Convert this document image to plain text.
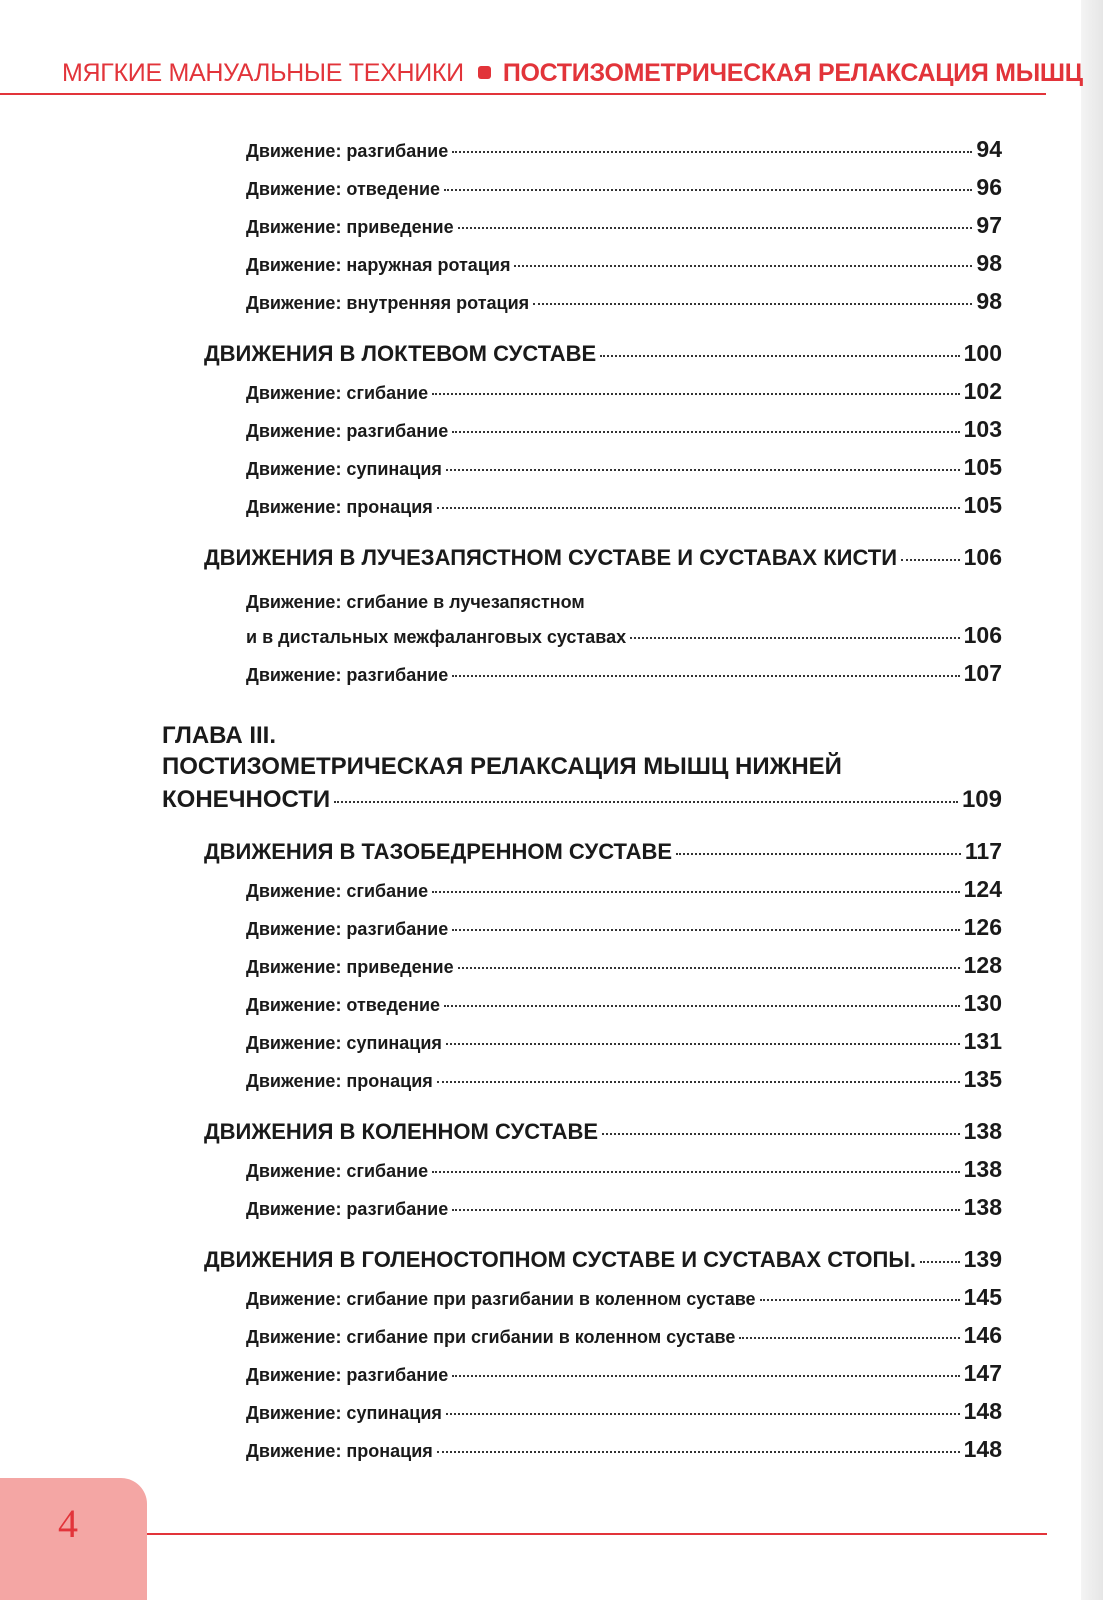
МЯГКИЕ МАНУАЛЬНЫЕ ТЕХНИКИ ПОСТИЗОМЕТРИЧЕСКАЯ РЕЛАКСАЦИЯ МЫШЦ
Движение: разгибание	94
Движение: отведение	96
Движение: приведение	97
Движение: наружная ротация	98
Движение: внутренняя ротация	98
ДВИЖЕНИЯ В ЛОКТЕВОМ СУСТАВЕ	100
Движение: сгибание	102
Движение: разгибание	103
Движение: супинация	105
Движение: пронация	105
ДВИЖЕНИЯ В ЛУЧЕЗАПЯСТНОМ СУСТАВЕ И СУСТАВАХ КИСТИ	106
Движение: сгибание в лучезапястном
и в дистальных межфаланговых суставах	106
Движение: разгибание	107
ГЛАВА III.
ПОСТИЗОМЕТРИЧЕСКАЯ РЕЛАКСАЦИЯ МЫШЦ НИЖНЕЙ
КОНЕЧНОСТИ	109
ДВИЖЕНИЯ В ТАЗОБЕДРЕННОМ СУСТАВЕ	117
Движение: сгибание	124
Движение: разгибание	126
Движение: приведение	128
Движение: отведение	130
Движение: супинация	131
Движение: пронация	135
ДВИЖЕНИЯ В КОЛЕННОМ СУСТАВЕ	138
Движение: сгибание	138
Движение: разгибание	138
ДВИЖЕНИЯ В ГОЛЕНОСТОПНОМ СУСТАВЕ И СУСТАВАХ СТОПЫ. 139
Движение: сгибание при разгибании в коленном суставе	145
Движение: сгибание при сгибании в коленном суставе	146
Движение: разгибание	147
Движение: супинация	148
Движение: пронация	148
4
